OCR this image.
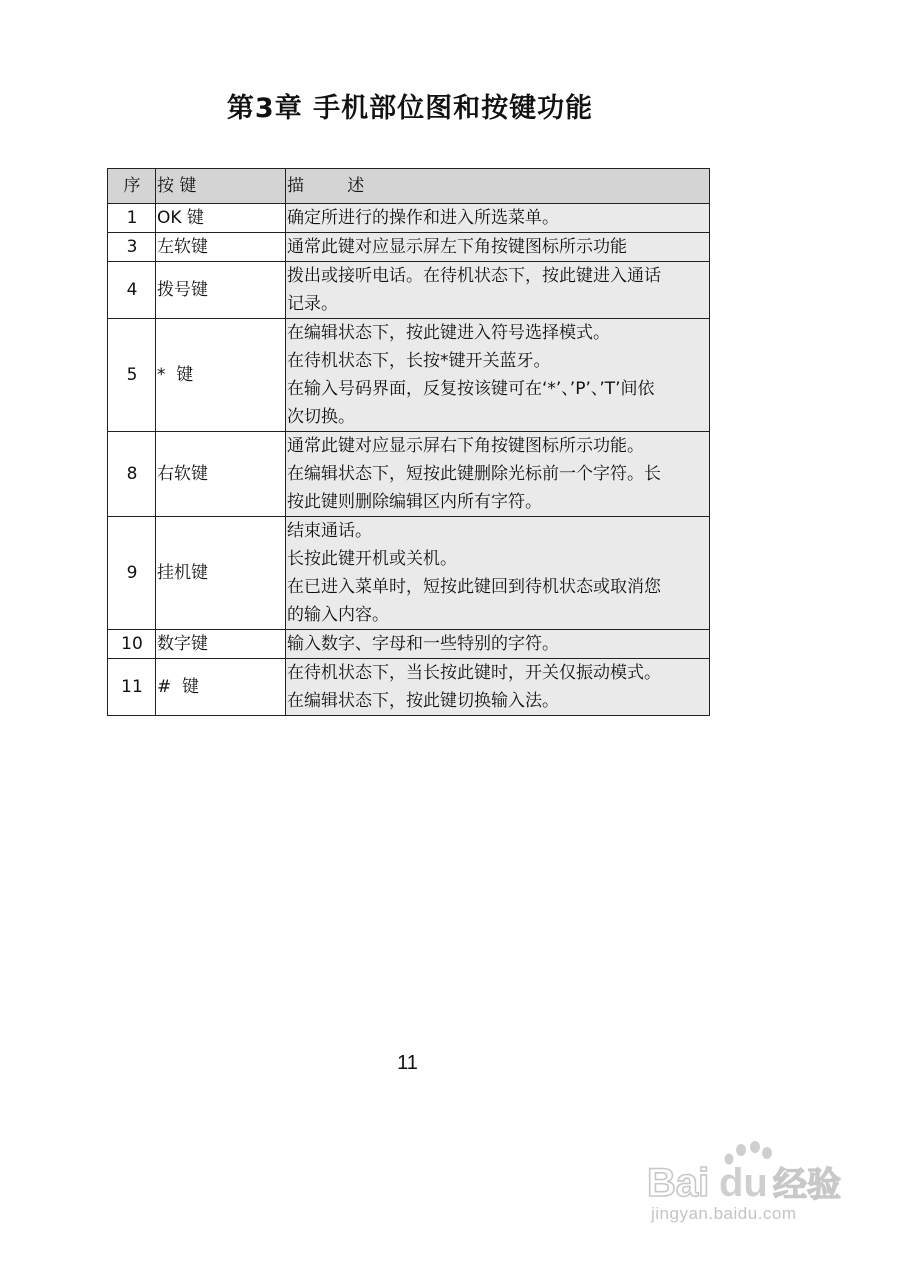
第3章 手机部位图和按键功能
序	按 键	描        述
1	OK 键	确定所进行的操作和进入所选菜单。

3	左软键	通常此键对应显示屏左下角按键图标所示功能

4	拨号键	拨出或接听电话。在待机状态下，按此键进入通话
记录。

5	*  键	在编辑状态下，按此键进入符号选择模式。
在待机状态下，长按*键开关蓝牙。
在输入号码界面，反复按该键可在‘*’、’P’、’T’间依
次切换。

8	右软键	通常此键对应显示屏右下角按键图标所示功能。
在编辑状态下，短按此键删除光标前一个字符。长
按此键则删除编辑区内所有字符。

9	挂机键	结束通话。
长按此键开机或关机。
在已进入菜单时，短按此键回到待机状态或取消您
的输入内容。

10	数字键	输入数字、字母和一些特别的字符。

11	#  键	在待机状态下，当长按此键时，开关仅振动模式。
在编辑状态下，按此键切换输入法。
11
Bai du 经验
jingyan.baidu.com
